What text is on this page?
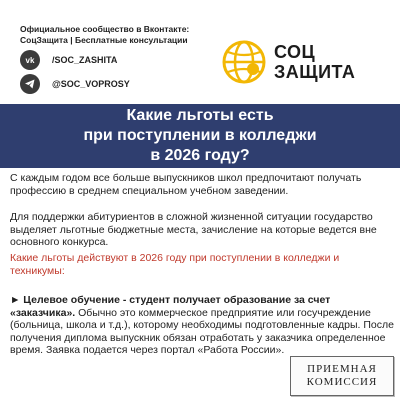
Официальное сообщество в Вконтакте:
СоцЗащита | Бесплатные консультации
vk	/SOC_ZASHITA
@SOC_VOPROSY
СОЦ
ЗАЩИТА
Какие льготы есть
при поступлении в колледжи
в 2026 году?
С каждым годом все больше выпускников школ предпочитают получать профессию в среднем специальном учебном заведении.
Для поддержки абитуриентов в сложной жизненной ситуации государство выделяет льготные бюджетные места, зачисление на которые ведется вне основного конкурса.
Какие льготы действуют в 2026 году при поступлении в колледжи и техникумы:
► Целевое обучение - студент получает образование за счет «заказчика». Обычно это коммерческое предприятие или госучреждение (больница, школа и т.д.), которому необходимы подготовленные кадры. После получения диплома выпускник обязан отработать у заказчика определенное время. Заявка подается через портал «Работа России».
ПРИЕМНАЯ
КОМИССИЯ
